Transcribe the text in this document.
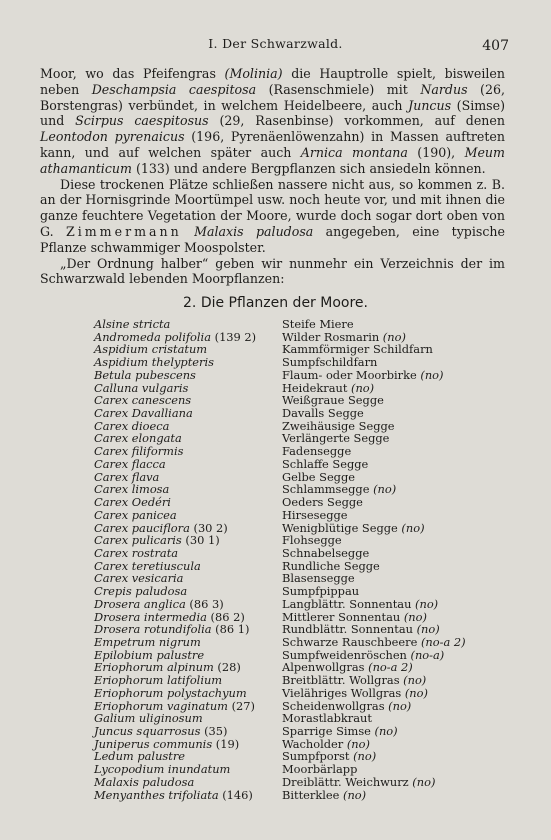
I. Der Schwarzwald.	407

Moor, wo das Pfeifengras (Molinia) die Hauptrolle spielt, bisweilen neben Deschampsia caespitosa (Rasenschmiele) mit Nardus (26, Borstengras) verbündet, in welchem Heidelbeere, auch Juncus (Simse) und Scirpus caespitosus (29, Rasenbinse) vorkommen, auf denen Leontodon pyrenaicus (196, Pyrenäenlöwenzahn) in Massen auftreten kann, und auf welchen später auch Arnica montana (190), Meum athamanticum (133) und andere Bergpflanzen sich ansiedeln können.

Diese trockenen Plätze schließen nassere nicht aus, so kommen z. B. an der Hornisgrinde Moortümpel usw. noch heute vor, und mit ihnen die ganze feuchtere Vegetation der Moore, wurde doch sogar dort oben von G. Zimmermann Malaxis paludosa angegeben, eine typische Pflanze schwammiger Moospolster.

„Der Ordnung halber“ geben wir nunmehr ein Verzeichnis der im Schwarzwald lebenden Moorpflanzen:

2. Die Pflanzen der Moore.
Alsine stricta	Steife Miere
Andromeda polifolia (139 2)	Wilder Rosmarin (no)
Aspidium cristatum	Kammförmiger Schildfarn
Aspidium thelypteris	Sumpfschildfarn
Betula pubescens	Flaum- oder Moorbirke (no)
Calluna vulgaris	Heidekraut (no)
Carex canescens	Weißgraue Segge
Carex Davalliana	Davalls Segge
Carex dioeca	Zweihäusige Segge
Carex elongata	Verlängerte Segge
Carex filiformis	Fadensegge
Carex flacca	Schlaffe Segge
Carex flava	Gelbe Segge
Carex limosa	Schlammsegge (no)
Carex Oedéri	Oeders Segge
Carex panicea	Hirsesegge
Carex pauciflora (30 2)	Wenigblütige Segge (no)
Carex pulicaris (30 1)	Flohsegge
Carex rostrata	Schnabelsegge
Carex teretiuscula	Rundliche Segge
Carex vesicaria	Blasensegge
Crepis paludosa	Sumpfpippau
Drosera anglica (86 3)	Langblättr. Sonnentau (no)
Drosera intermedia (86 2)	Mittlerer Sonnentau (no)
Drosera rotundifolia (86 1)	Rundblättr. Sonnentau (no)
Empetrum nigrum	Schwarze Rauschbeere (no-a 2)
Epilobium palustre	Sumpfweidenröschen (no-a)
Eriophorum alpinum (28)	Alpenwollgras (no-a 2)
Eriophorum latifolium	Breitblättr. Wollgras (no)
Eriophorum polystachyum	Vielähriges Wollgras (no)
Eriophorum vaginatum (27)	Scheidenwollgras (no)
Galium uliginosum	Morastlabkraut
Juncus squarrosus (35)	Sparrige Simse (no)
Juniperus communis (19)	Wacholder (no)
Ledum palustre	Sumpfporst (no)
Lycopodium inundatum	Moorbärlapp
Malaxis paludosa	Dreiblättr. Weichwurz (no)
Menyanthes trifoliata (146)	Bitterklee (no)
